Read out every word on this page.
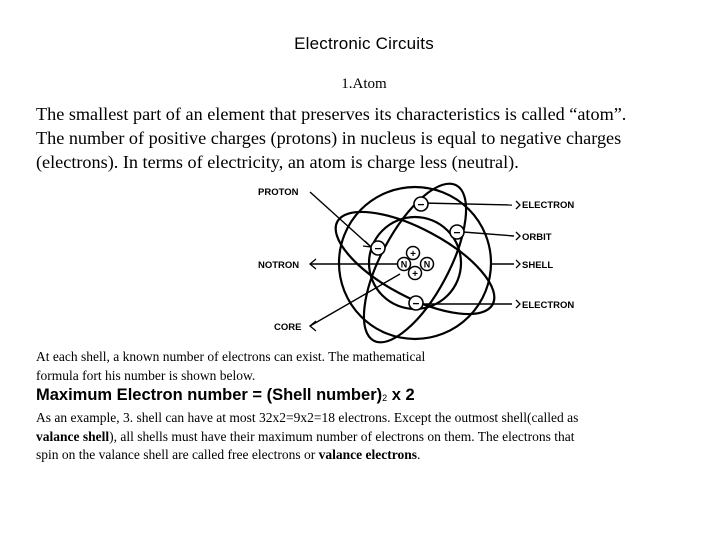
Electronic Circuits
1.Atom
The smallest part of an element that preserves its characteristics is called “atom”.
The number of positive charges (protons) in nucleus is equal to negative charges
(electrons). In terms of electricity, an atom is charge less (neutral).
−
−
−
−
+
N N
+
PROTON
NOTRON
CORE
ELECTRON
ORBIT
SHELL
ELECTRON
At each shell, a known number of electrons can exist. The mathematical
formula fort his number is shown below.
Maximum Electron number = (Shell $number)_2$ x 2
As an example, 3. shell can have at most 32x2=9x2=18 electrons. Except the outmost shell(called as
valance shell), all shells must have their maximum number of electrons on them. The electrons that
spin on the valance shell are called free electrons or valance electrons.
